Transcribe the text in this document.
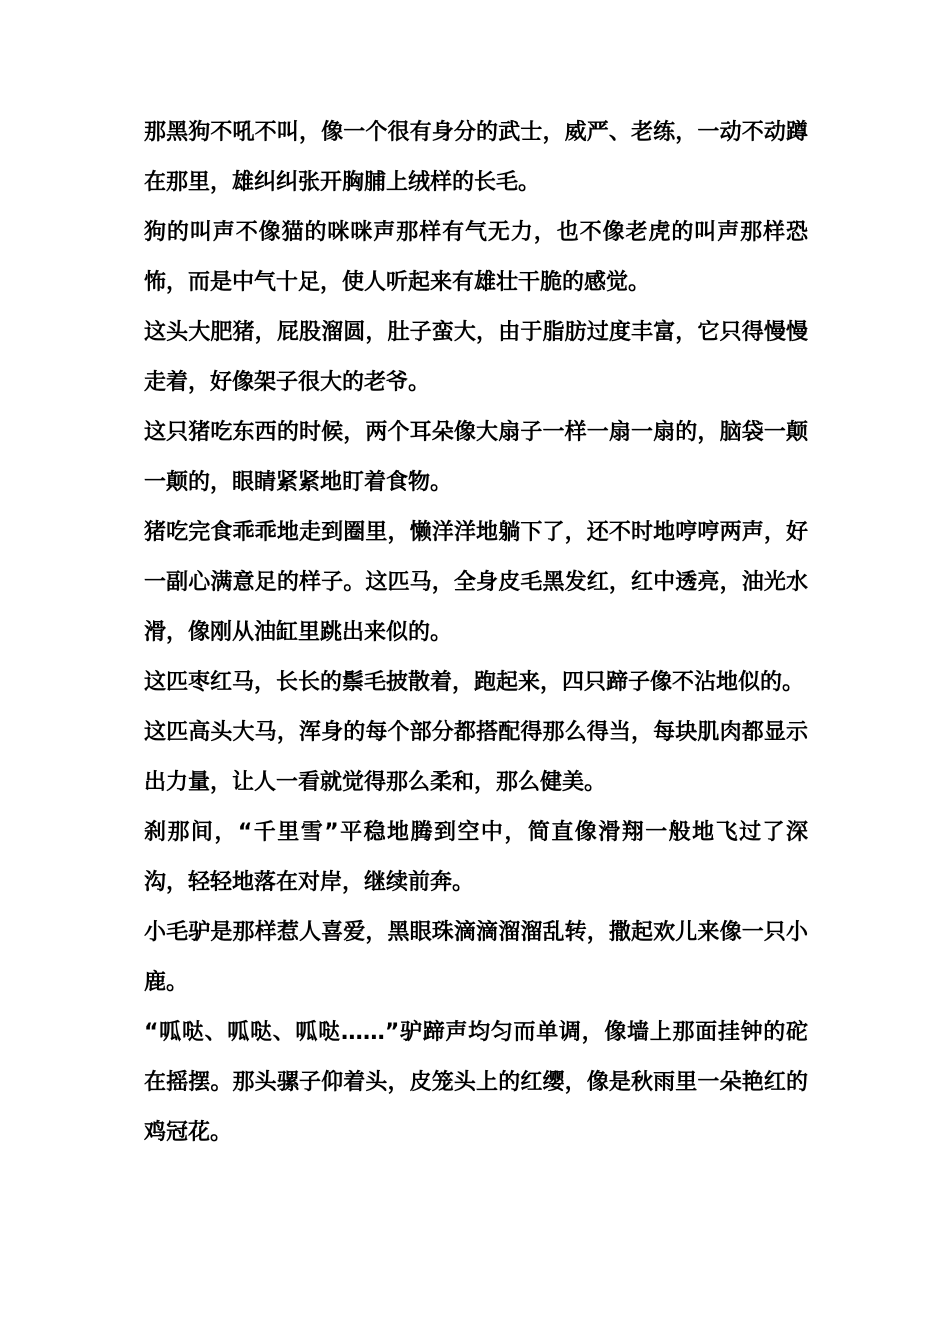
那黑狗不吼不叫，像一个很有身分的武士，威严、老练，一动不动蹲在那里，雄纠纠张开胸脯上绒样的长毛。

狗的叫声不像猫的咪咪声那样有气无力，也不像老虎的叫声那样恐怖，而是中气十足，使人听起来有雄壮干脆的感觉。

这头大肥猪，屁股溜圆，肚子蛮大，由于脂肪过度丰富，它只得慢慢走着，好像架子很大的老爷。

这只猪吃东西的时候，两个耳朵像大扇子一样一扇一扇的，脑袋一颠一颠的，眼睛紧紧地盯着食物。

猪吃完食乖乖地走到圈里，懒洋洋地躺下了，还不时地哼哼两声，好一副心满意足的样子。这匹马，全身皮毛黑发红，红中透亮，油光水滑，像刚从油缸里跳出来似的。

这匹枣红马，长长的鬃毛披散着，跑起来，四只蹄子像不沾地似的。

这匹高头大马，浑身的每个部分都搭配得那么得当，每块肌肉都显示出力量，让人一看就觉得那么柔和，那么健美。

刹那间，“千里雪”平稳地腾到空中，简直像滑翔一般地飞过了深沟，轻轻地落在对岸，继续前奔。

小毛驴是那样惹人喜爱，黑眼珠滴滴溜溜乱转，撒起欢儿来像一只小鹿。

“呱哒、呱哒、呱哒……”驴蹄声均匀而单调，像墙上那面挂钟的砣在摇摆。那头骡子仰着头，皮笼头上的红缨，像是秋雨里一朵艳红的鸡冠花。
